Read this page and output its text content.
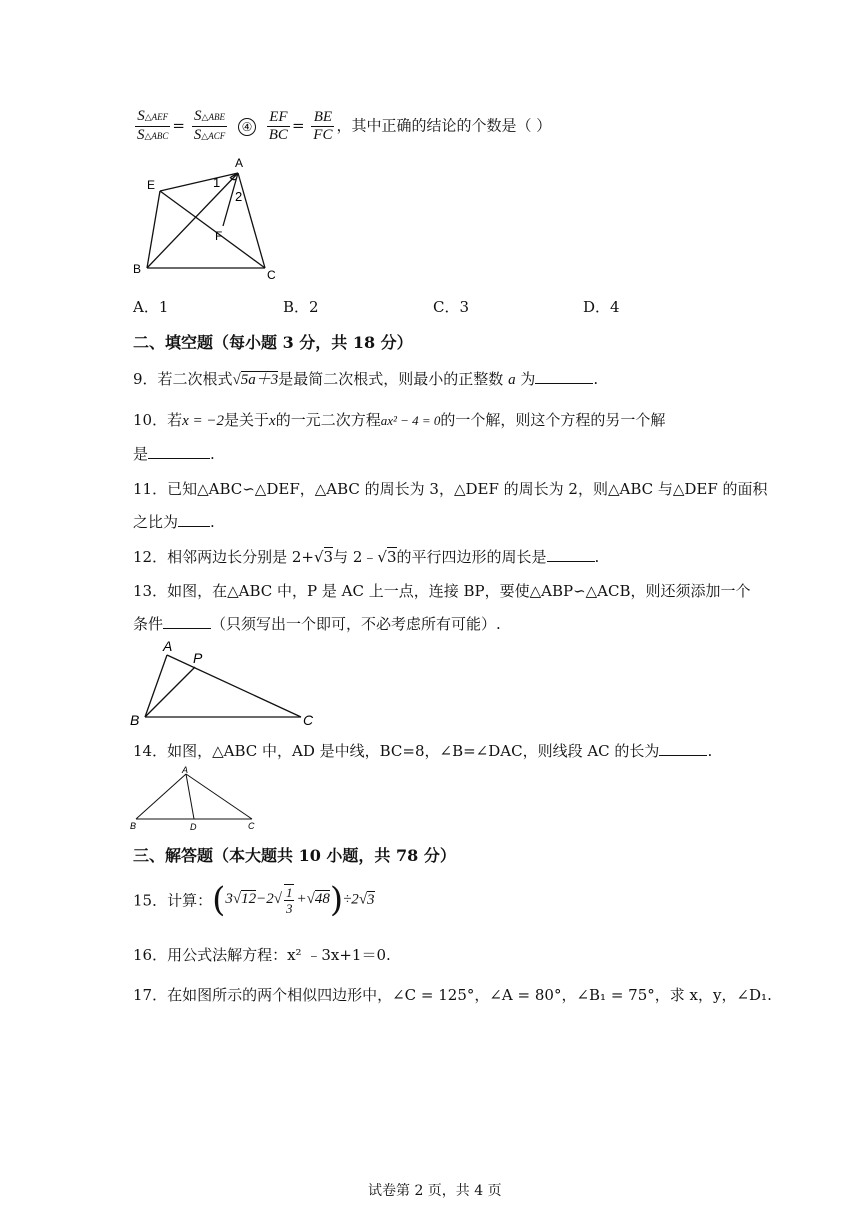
$\frac{\text{S△AEF}}{\text{S△ABC}} = \frac{\text{S△ABE}}{\text{S△ACF}}$ ④ $\frac{EF}{BC} = \frac{BE}{FC}$ ，其中正确的结论的个数是（ ）
A
E
B	C
F
1
2
A．1	B．2	C．3	D．4
二、填空题（每小题 3 分，共 18 分）
9．若二次根式√5a＋3是最简二次根式，则最小的正整数 a 为	.
10．若x = −2是关于x的一元二次方程ax² − 4 = 0的一个解，则这个方程的另一个解
是	.
11．已知△ABC∽△DEF，△ABC 的周长为 3，△DEF 的周长为 2，则△ABC 与△DEF 的面积
之比为 .
12．相邻两边长分别是 2+√3与 2﹣√3的平行四边形的周长是	.
13．如图，在△ABC 中，P 是 AC 上一点，连接 BP，要使△ABP∽△ACB，则还须添加一个
条件	（只须写出一个即可，不必考虑所有可能）.
A
P
B	C
14．如图，△ABC 中，AD 是中线，BC=8，∠B=∠DAC，则线段 AC 的长为	.
A
B	D	C
三、解答题（本大题共 10 小题，共 78 分）
15．计算：$(3√12-2√ \frac{1}{3} +√48)\div 2√3$
16．用公式法解方程：x² ﹣3x+1＝0.
17．在如图所示的两个相似四边形中，∠C = 125°，∠A = 80°，∠B₁ = 75°，求 x，y，∠D₁.
试卷第 2 页，共 4 页
